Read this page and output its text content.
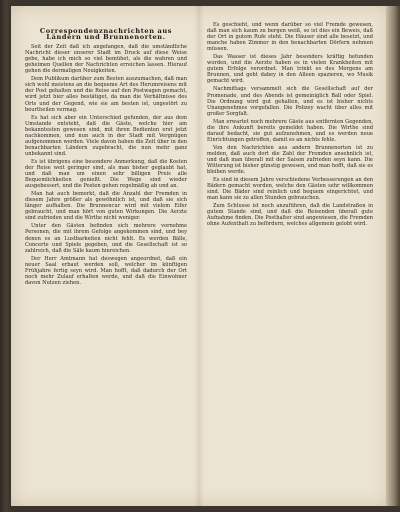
Correspondenznachrichten aus Ländern und Brunnenorten.

Seit der Zeit daß ich angefangen, daß die umständliche Nachricht dieser unserer Stadt im Druck auf diese Weise gebe, habe ich mich so viel bemühet, als die wahren und geheimen Quellen der Nachrichten erreichen lassen. Hierauf gehen die dermaligen Neuigkeiten.

Dem Publikum darüber zum Besten auszumachen, daß man sich wohl meistens an die bequeme Art des Herumreisens mit der Post gehalten und die Reise auf den Postwagen gemacht, wird jetzt hier alles bestätiget, da man die Verhältnisse des Orts und der Gegend, wie sie am besten ist, ungestört zu beurtheilen vermag.

Es hat sich aber ein Unterschied gefunden, der aus dem Umstande entsteht, daß die Gäste, welche hier am bekanntesten gewesen sind, mit ihren Bedienten erst jetzt nachkommen, und nun auch in der Stadt mit Vergnügen aufgenommen werden. Viele davon haben die Zeit über in den benachbarten Ländern zugebracht, die nun mehr ganz unbekannt sind.

Es ist übrigens eine besondere Anmerkung, daß die Kosten der Reise weit geringer sind, als man bisher geglaubt hat, und daß man um einen sehr billigen Preis alle Bequemlichkeiten genießt. Die Wege sind wieder ausgebessert, und die Posten gehen regelmäßig ab und an.

Man hat auch bemerkt, daß die Anzahl der Fremden in diesem Jahre größer als gewöhnlich ist, und daß sie sich länger aufhalten. Die Brunnencur wird mit vielem Eifer gebraucht, und man hört von guten Wirkungen. Die Aerzte sind zufrieden und die Wirthe nicht weniger.

Unter den Gästen befinden sich mehrere vornehme Personen, die mit ihrem Gefolge angekommen sind, und bey denen es an Lustbarkeiten nicht fehlt. Es werden Bälle, Concerte und Spiele gegeben, und die Gesellschaft ist so zahlreich, daß die Säle kaum hinreichen.

Der Herr Amtmann hat deswegen angeordnet, daß ein neuer Saal erbaut werden soll, welcher im künftigen Frühjahre fertig seyn wird. Man hofft, daß dadurch der Ort noch mehr Zulauf erhalten werde, und daß die Einwohner davon Nutzen ziehen.

Es geschieht, und wenn darüber so viel Fremde gewesen, daß man sich kaum zu bergen weiß, so ist dies ein Beweis, daß der Ort in gutem Rufe steht. Die Häuser sind alle besetzt, und manche haben Zimmer in den benachbarten Dörfern nehmen müssen.

Das Wasser ist dieses Jahr besonders kräftig befunden worden, und die Aerzte haben es in vielen Krankheiten mit gutem Erfolge verordnet. Man trinkt es des Morgens am Brunnen, und geht dabey in den Alleen spazieren, wo Musik gemacht wird.

Nachmittags versammelt sich die Gesellschaft auf der Promenade, und des Abends ist gemeiniglich Ball oder Spiel. Die Ordnung wird gut gehalten, und es ist bisher nichts Unangenehmes vorgefallen. Die Polizey wacht über alles mit großer Sorgfalt.

Man erwartet noch mehrere Gäste aus entfernten Gegenden, die ihre Ankunft bereits gemeldet haben. Die Wirthe sind darauf bedacht, sie gut aufzunehmen, und es werden neue Einrichtungen getroffen, damit es an nichts fehle.

Von den Nachrichten aus andern Brunnenorten ist zu melden, daß auch dort die Zahl der Fremden ansehnlich ist, und daß man überall mit der Saison zufrieden seyn kann. Die Witterung ist bisher günstig gewesen, und man hofft, daß sie es bleiben werde.

Es sind in diesem Jahre verschiedene Verbesserungen an den Bädern gemacht worden, welche den Gästen sehr willkommen sind. Die Bäder sind reinlich und bequem eingerichtet, und man kann sie zu allen Stunden gebrauchen.

Zum Schlusse ist noch anzuführen, daß die Landstraßen in gutem Stande sind, und daß die Reisenden überall gute Aufnahme finden. Die Posthalter sind angewiesen, die Fremden ohne Aufenthalt zu befördern, welches allgemein gelobt wird.
